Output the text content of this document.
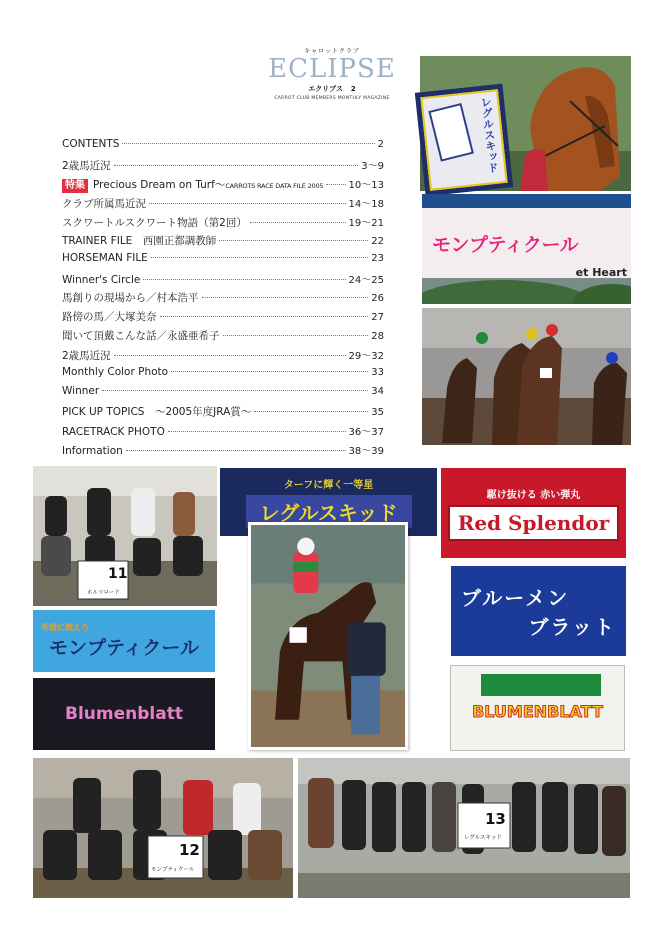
キャロットクラブ
ECLIPSE
エクリプス 2
CARROT CLUB MEMBERS MONTHLY MAGAZINE
CONTENTS	2
2歳馬近況	3～9
特集 Precious Dream on Turf～CARROTS RACE DATA FILE 2005	10～13
クラブ所属馬近況	14～18
スクワートルスクワート物語（第2回）	19～21
TRAINER FILE　西園正都調教師	22
HORSEMAN FILE	23
Winner's Circle	24～25
馬創りの現場から／村本浩平	26
路傍の馬／大塚美奈	27
聞いて頂戴こんな話／永盛亜希子	28
2歳馬近況	29～32
Monthly Color Photo	33
Winner	34
PICK UP TOPICS　～2005年度JRA賞～	35
RACETRACK PHOTO	36～37
Information	38～39
レグルスキッド
モンプティクール
et Heart
11
ホルツロード
ターフに輝く一等星
レグルスキッド
駆け抜ける 赤い弾丸
Red Splendor
ブルーメン
ブラット
希望に燃えろ
モンプティクール
Blumenblatt	BLUMENBLATT
12
モンプティクール
13
レグルスキッド
